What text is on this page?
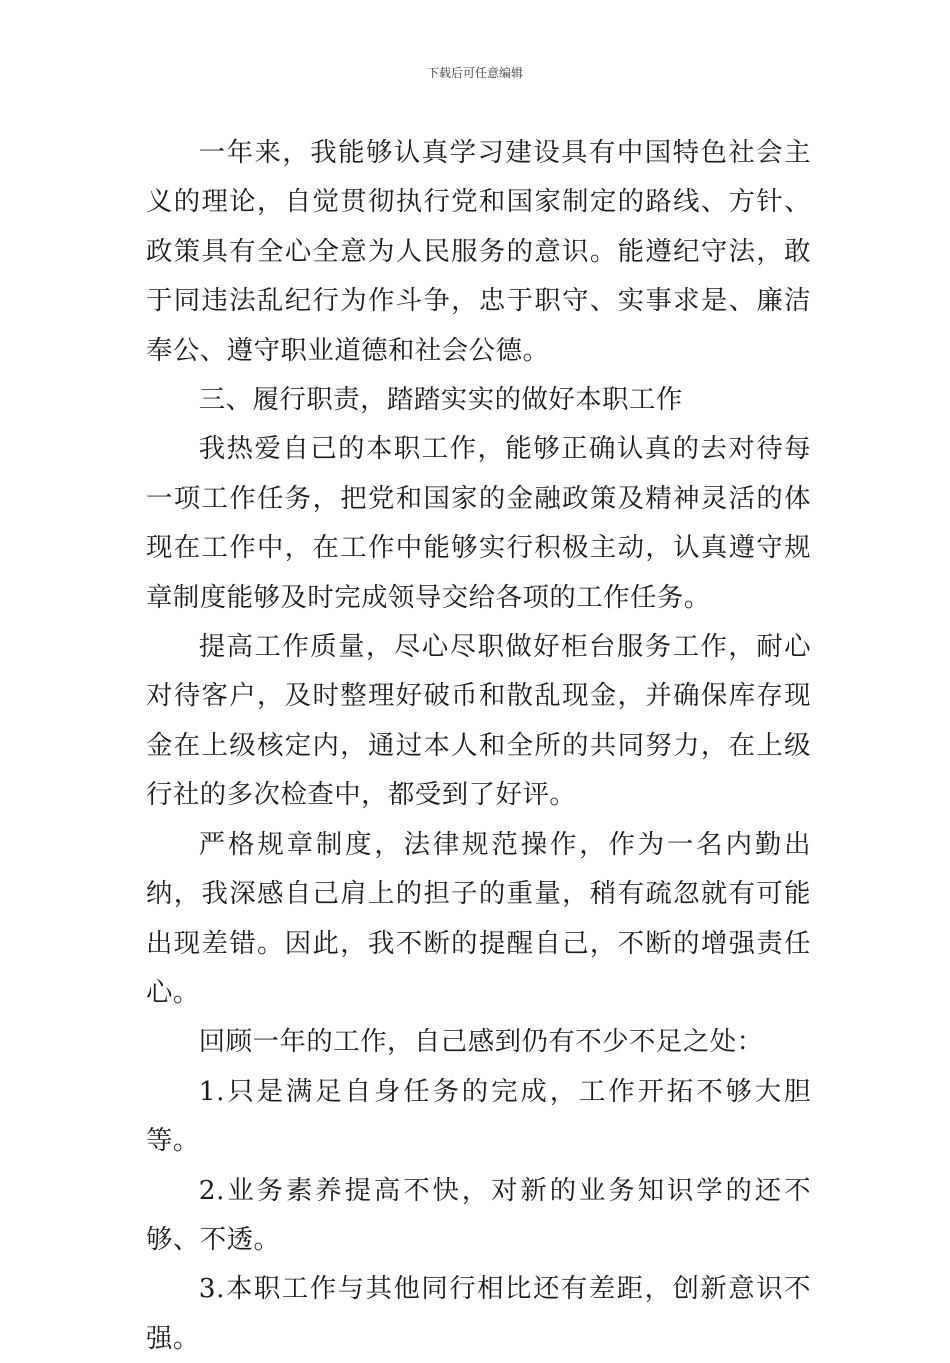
下载后可任意编辑

一年来，我能够认真学习建设具有中国特色社会主义的理论，自觉贯彻执行党和国家制定的路线、方针、政策具有全心全意为人民服务的意识。能遵纪守法，敢于同违法乱纪行为作斗争，忠于职守、实事求是、廉洁奉公、遵守职业道德和社会公德。

三、履行职责，踏踏实实的做好本职工作

我热爱自己的本职工作，能够正确认真的去对待每一项工作任务，把党和国家的金融政策及精神灵活的体现在工作中，在工作中能够实行积极主动，认真遵守规章制度能够及时完成领导交给各项的工作任务。

提高工作质量，尽心尽职做好柜台服务工作，耐心对待客户，及时整理好破币和散乱现金，并确保库存现金在上级核定内，通过本人和全所的共同努力，在上级行社的多次检查中，都受到了好评。

严格规章制度，法律规范操作，作为一名内勤出纳，我深感自己肩上的担子的重量，稍有疏忽就有可能出现差错。因此，我不断的提醒自己，不断的增强责任心。

回顾一年的工作，自己感到仍有不少不足之处：

1.只是满足自身任务的完成，工作开拓不够大胆等。

2.业务素养提高不快，对新的业务知识学的还不够、不透。

3.本职工作与其他同行相比还有差距，创新意识不强。
